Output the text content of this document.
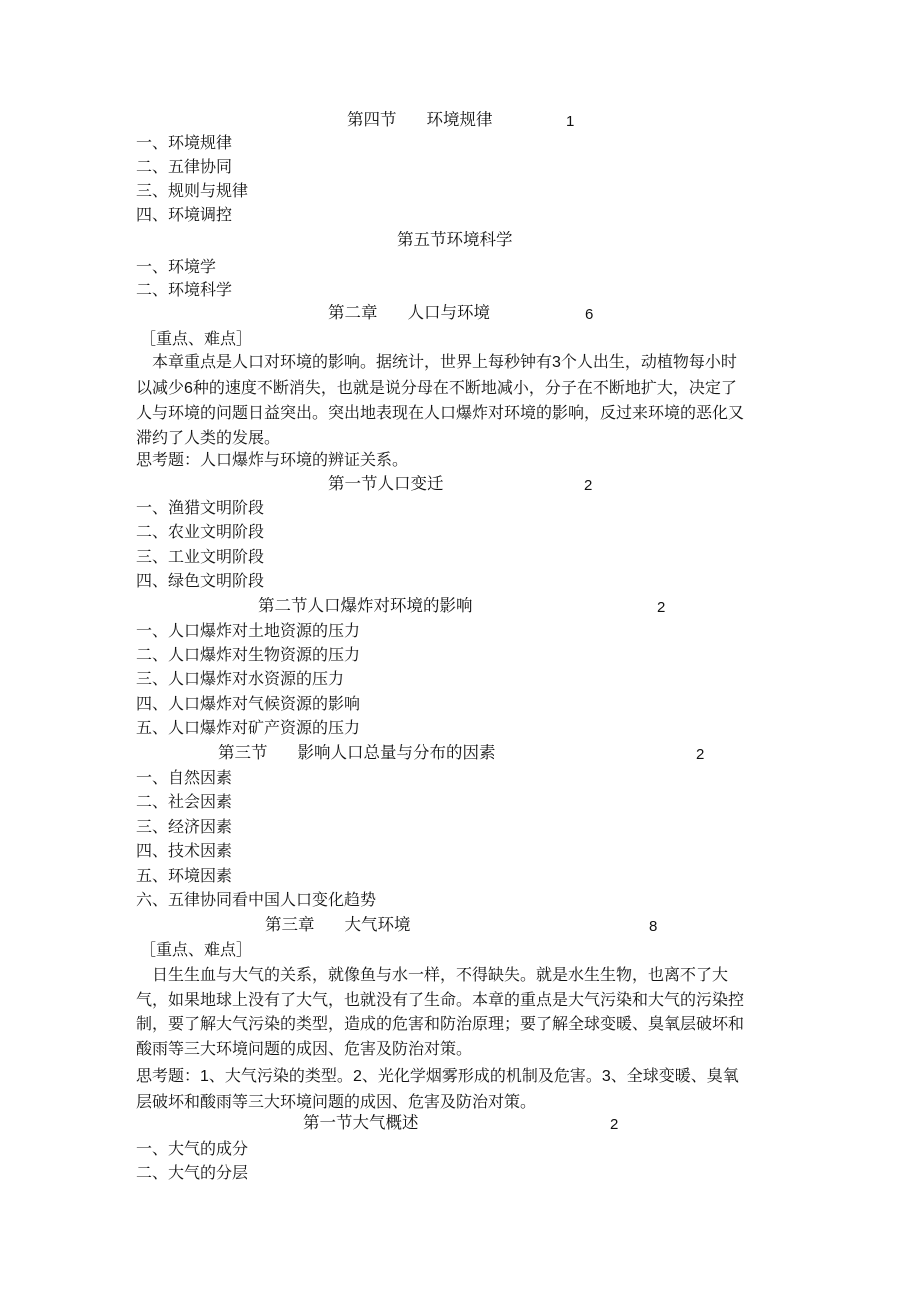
第四节 环境规律	1
一、环境规律
二、五律协同
三、规则与规律
四、环境调控
第五节环境科学
一、环境学
二、环境科学
第二章 人口与环境	6
［重点、难点］
本章重点是人口对环境的影响。据统计，世界上每秒钟有3个人出生，动植物每小时
以减少6种的速度不断消失，也就是说分母在不断地减小，分子在不断地扩大，决定了
人与环境的问题日益突出。突出地表现在人口爆炸对环境的影响，反过来环境的恶化又
滞约了人类的发展。
思考题：人口爆炸与环境的辨证关系。
第一节人口变迁	2
一、渔猎文明阶段
二、农业文明阶段
三、工业文明阶段
四、绿色文明阶段
第二节人口爆炸对环境的影响	2
一、人口爆炸对土地资源的压力
二、人口爆炸对生物资源的压力
三、人口爆炸对水资源的压力
四、人口爆炸对气候资源的影响
五、人口爆炸对矿产资源的压力
第三节 影响人口总量与分布的因素	2
一、自然因素
二、社会因素
三、经济因素
四、技术因素
五、环境因素
六、五律协同看中国人口变化趋势
第三章 大气环境	8
［重点、难点］
日生生血与大气的关系，就像鱼与水一样，不得缺失。就是水生生物，也离不了大
气，如果地球上没有了大气，也就没有了生命。本章的重点是大气污染和大气的污染控
制，要了解大气污染的类型，造成的危害和防治原理；要了解全球变暖、臭氧层破坏和
酸雨等三大环境问题的成因、危害及防治对策。
思考题：1、大气污染的类型。2、光化学烟雾形成的机制及危害。3、全球变暖、臭氧
层破坏和酸雨等三大环境问题的成因、危害及防治对策。
第一节大气概述	2
一、大气的成分
二、大气的分层
